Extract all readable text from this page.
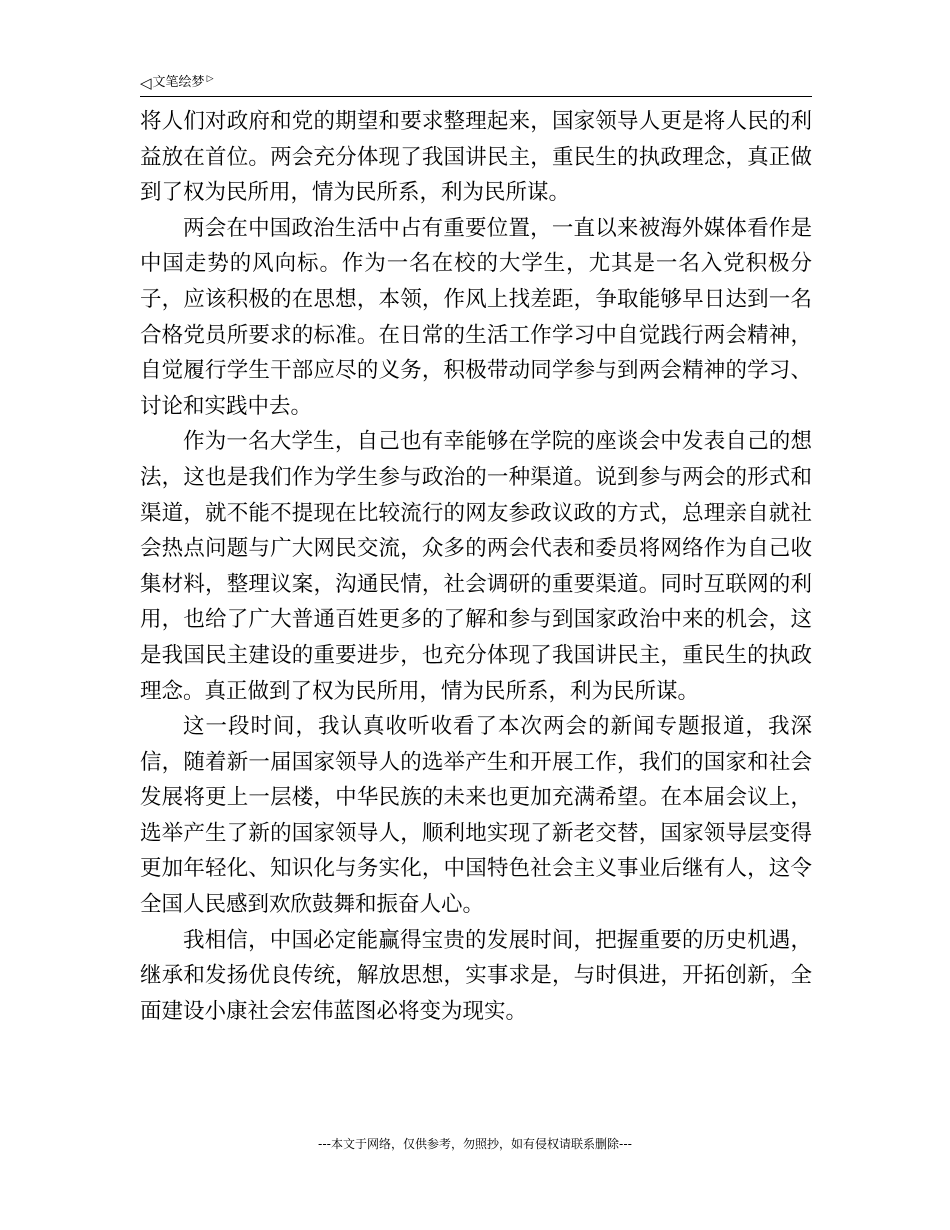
◁ 文笔绘梦 ▷

将人们对政府和党的期望和要求整理起来，国家领导人更是将人民的利益放在首位。两会充分体现了我国讲民主，重民生的执政理念，真正做到了权为民所用，情为民所系，利为民所谋。

两会在中国政治生活中占有重要位置，一直以来被海外媒体看作是中国走势的风向标。作为一名在校的大学生，尤其是一名入党积极分子，应该积极的在思想，本领，作风上找差距，争取能够早日达到一名合格党员所要求的标准。在日常的生活工作学习中自觉践行两会精神，自觉履行学生干部应尽的义务，积极带动同学参与到两会精神的学习、讨论和实践中去。

作为一名大学生，自己也有幸能够在学院的座谈会中发表自己的想法，这也是我们作为学生参与政治的一种渠道。说到参与两会的形式和渠道，就不能不提现在比较流行的网友参政议政的方式，总理亲自就社会热点问题与广大网民交流，众多的两会代表和委员将网络作为自己收集材料，整理议案，沟通民情，社会调研的重要渠道。同时互联网的利用，也给了广大普通百姓更多的了解和参与到国家政治中来的机会，这是我国民主建设的重要进步，也充分体现了我国讲民主，重民生的执政理念。真正做到了权为民所用，情为民所系，利为民所谋。

这一段时间，我认真收听收看了本次两会的新闻专题报道，我深信，随着新一届国家领导人的选举产生和开展工作，我们的国家和社会发展将更上一层楼，中华民族的未来也更加充满希望。在本届会议上，选举产生了新的国家领导人，顺利地实现了新老交替，国家领导层变得更加年轻化、知识化与务实化，中国特色社会主义事业后继有人，这令全国人民感到欢欣鼓舞和振奋人心。

我相信，中国必定能赢得宝贵的发展时间，把握重要的历史机遇，继承和发扬优良传统，解放思想，实事求是，与时俱进，开拓创新，全面建设小康社会宏伟蓝图必将变为现实。

---本文于网络，仅供参考，勿照抄，如有侵权请联系删除---
